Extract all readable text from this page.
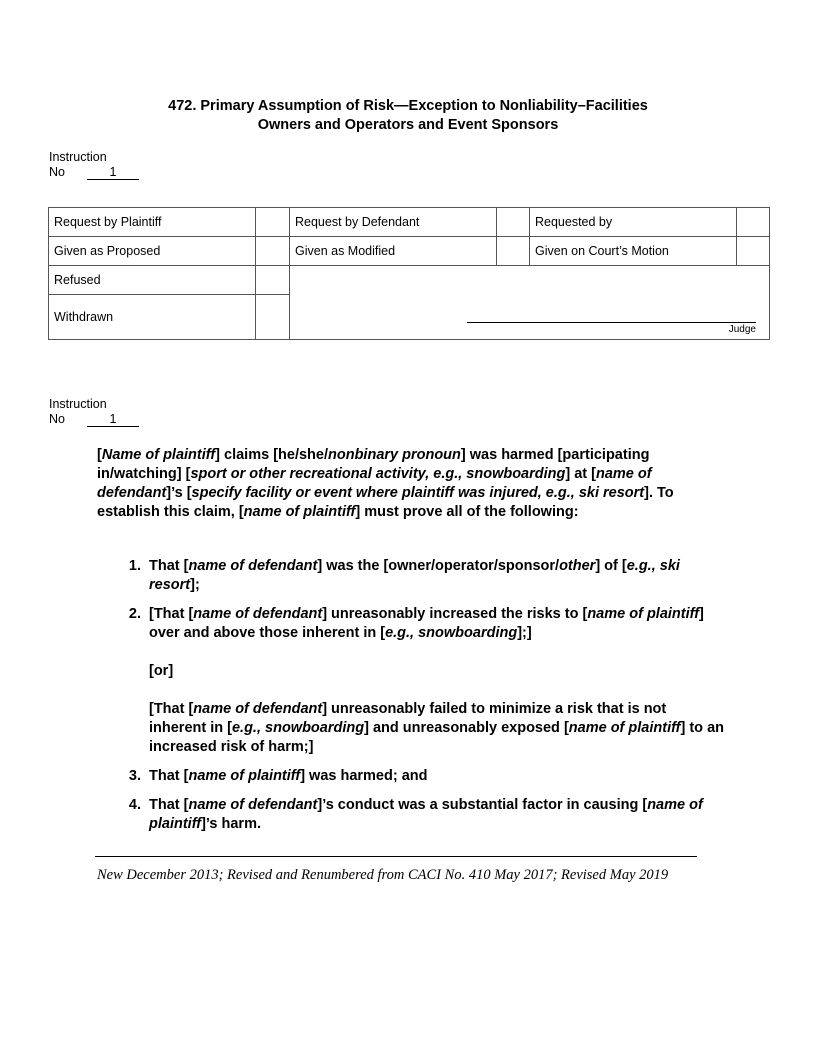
472. Primary Assumption of Risk—Exception to Nonliability–Facilities
Owners and Operators and Event Sponsors
Instruction
No	1
Request by Plaintiff		Request by Defendant		Requested by	
Given as Proposed		Given as Modified		Given on Court’s Motion	
Refused		Judge			

Withdrawn					
Instruction
No	1
[Name of plaintiff] claims [he/she/nonbinary pronoun] was harmed [participating in/watching] [sport or other recreational activity, e.g., snowboarding] at [name of defendant]’s [specify facility or event where plaintiff was injured, e.g., ski resort]. To establish this claim, [name of plaintiff] must prove all of the following:
1. That [name of defendant] was the [owner/operator/sponsor/other] of [e.g., ski resort];

2. [That [name of defendant] unreasonably increased the risks to [name of plaintiff] over and above those inherent in [e.g., snowboarding];]

[or]

[That [name of defendant] unreasonably failed to minimize a risk that is not inherent in [e.g., snowboarding] and unreasonably exposed [name of plaintiff] to an increased risk of harm;]

3. That [name of plaintiff] was harmed; and
4. That [name of defendant]’s conduct was a substantial factor in causing [name of plaintiff]’s harm.
New December 2013; Revised and Renumbered from CACI No. 410 May 2017; Revised May 2019
